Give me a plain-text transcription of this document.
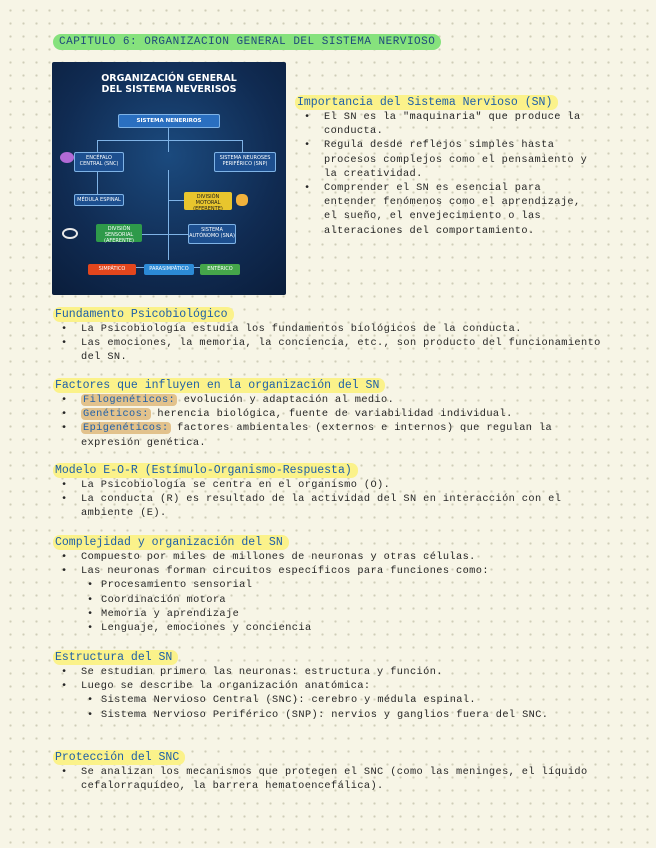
CAPITULO 6: ORGANIZACION GENERAL DEL SISTEMA NERVIOSO
ORGANIZACIÓN GENERAL
DEL SISTEMA NEVERISOS
SISTEMA NENERIROS
ENCÉFALO CENTRAL (SNC)
SISTEMA NEUROSES PERIFÉRICO (SNP)
MÉDULA ESPINAL	DIVISIÓN MOTORAL (EFERENTE)
DIVISIÓN SENSORIAL (AFERENTE)
SISTEMA AUTÓNOMO (SNA)
SIMPÁTICO	PARASIMPÁTICO	ENTÉRICO
Importancia del Sistema Nervioso (SN)
• El SN es la "maquinaria" que produce la conducta.
• Regula desde reflejos simples hasta procesos complejos como el pensamiento y la creatividad.
• Comprender el SN es esencial para entender fenómenos como el aprendizaje, el sueño, el envejecimiento o las alteraciones del comportamiento.
Fundamento Psicobiológico
• La Psicobiología estudia los fundamentos biológicos de la conducta.
• Las emociones, la memoria, la conciencia, etc., son producto del funcionamiento del SN.
Factores que influyen en la organización del SN
• Filogenéticos: evolución y adaptación al medio.
• Genéticos: herencia biológica, fuente de variabilidad individual.
• Epigenéticos: factores ambientales (externos e internos) que regulan la expresión genética.
Modelo E-O-R (Estímulo-Organismo-Respuesta)
• La Psicobiología se centra en el organismo (O).
• La conducta (R) es resultado de la actividad del SN en interacción con el ambiente (E).
Complejidad y organización del SN
• Compuesto por miles de millones de neuronas y otras células.
• Las neuronas forman circuitos específicos para funciones como:
• Procesamiento sensorial
• Coordinación motora
• Memoria y aprendizaje
• Lenguaje, emociones y conciencia
Estructura del SN
• Se estudian primero las neuronas: estructura y función.
• Luego se describe la organización anatómica:
• Sistema Nervioso Central (SNC): cerebro y médula espinal.
• Sistema Nervioso Periférico (SNP): nervios y ganglios fuera del SNC.
Protección del SNC
• Se analizan los mecanismos que protegen el SNC (como las meninges, el líquido cefalorraquídeo, la barrera hematoencefálica).
